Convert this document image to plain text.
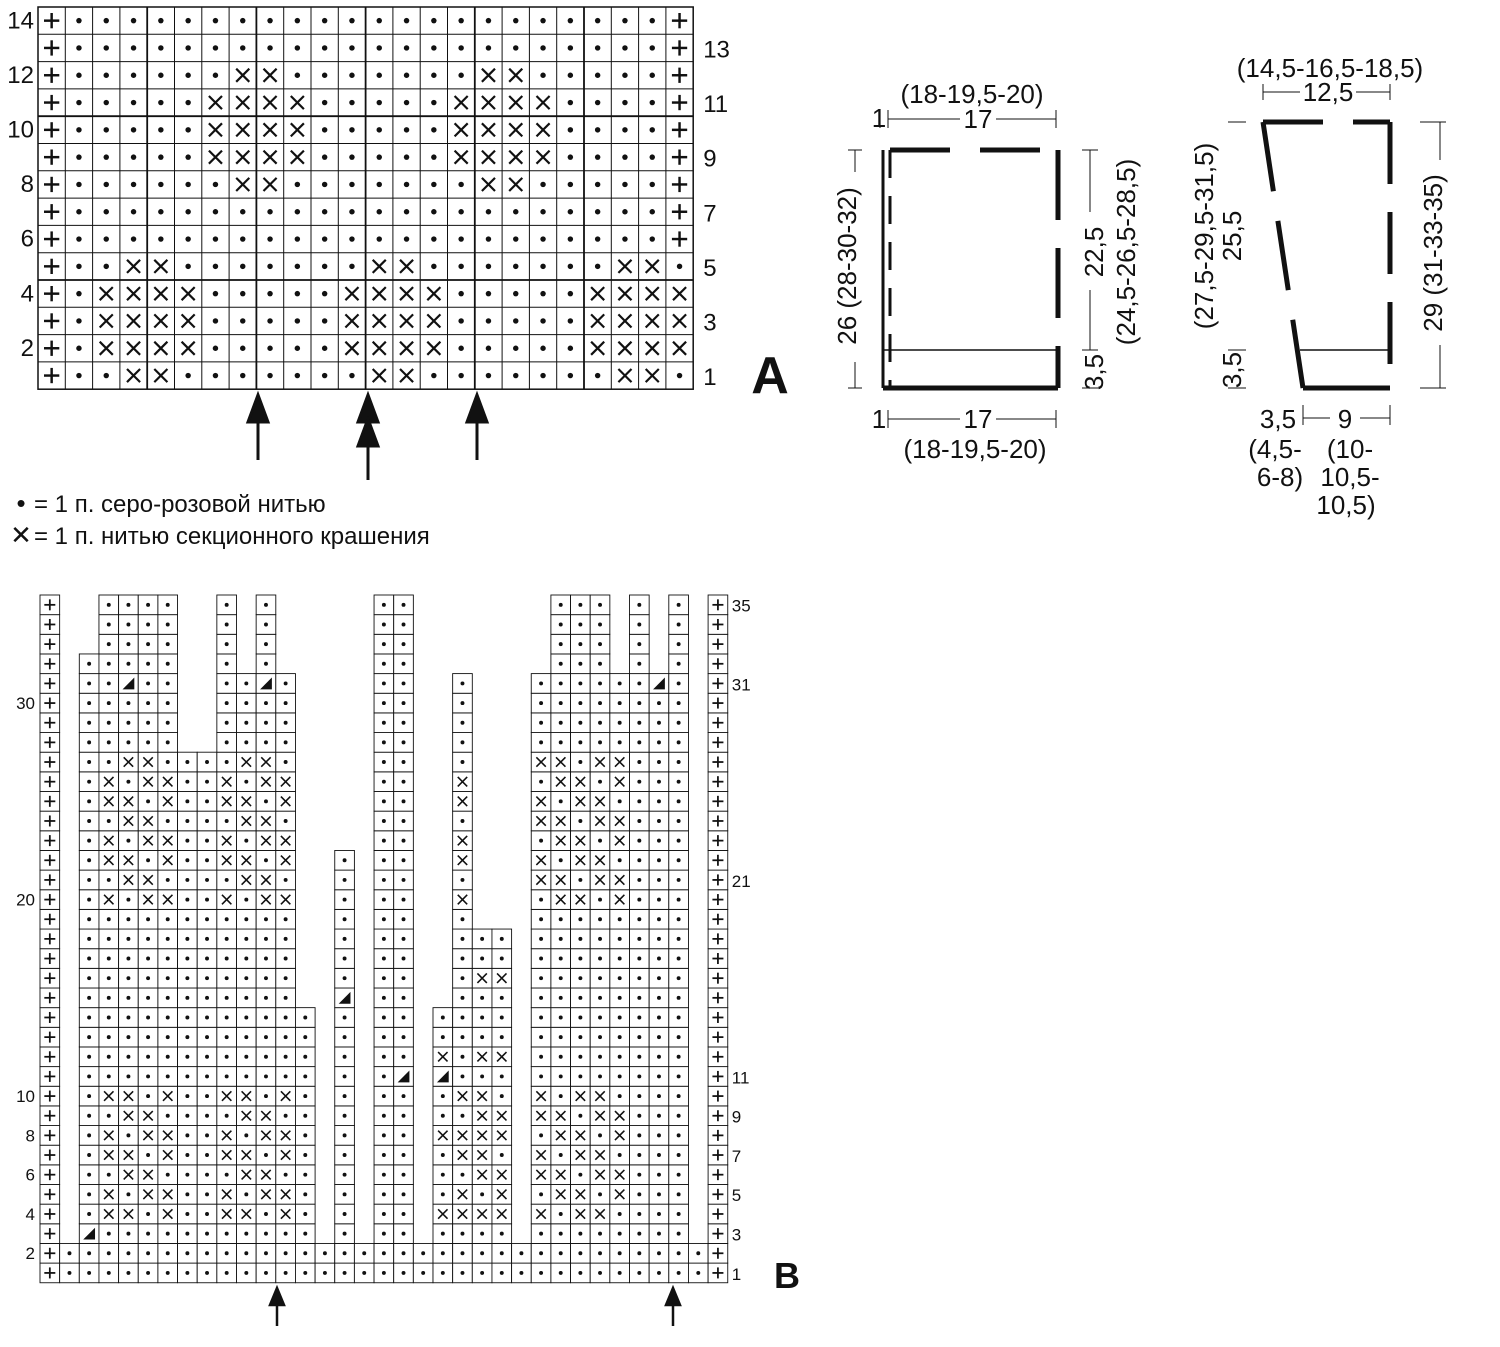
14
12
10
8
6
4
2
13
11
9
7
5
3
1
30
20
10
8
6
4
2
35
31
21
11
9
7
5
3
1
(18-19,5-20)
1	17
26 (28-30-32)	22,5 (24,5-26,5-28,5)
3,5
1	17
(18-19,5-20)
(14,5-16,5-18,5)
12,5
(27,5-29,5-31,5)
25,5
3,5
29 (31-33-35)
3,5 9
(4,5-
6-8)
(10-
10,5-
10,5)
A
B
• = 1 п. серо-розовой нитью
✕= 1 п. нитью секционного крашения
